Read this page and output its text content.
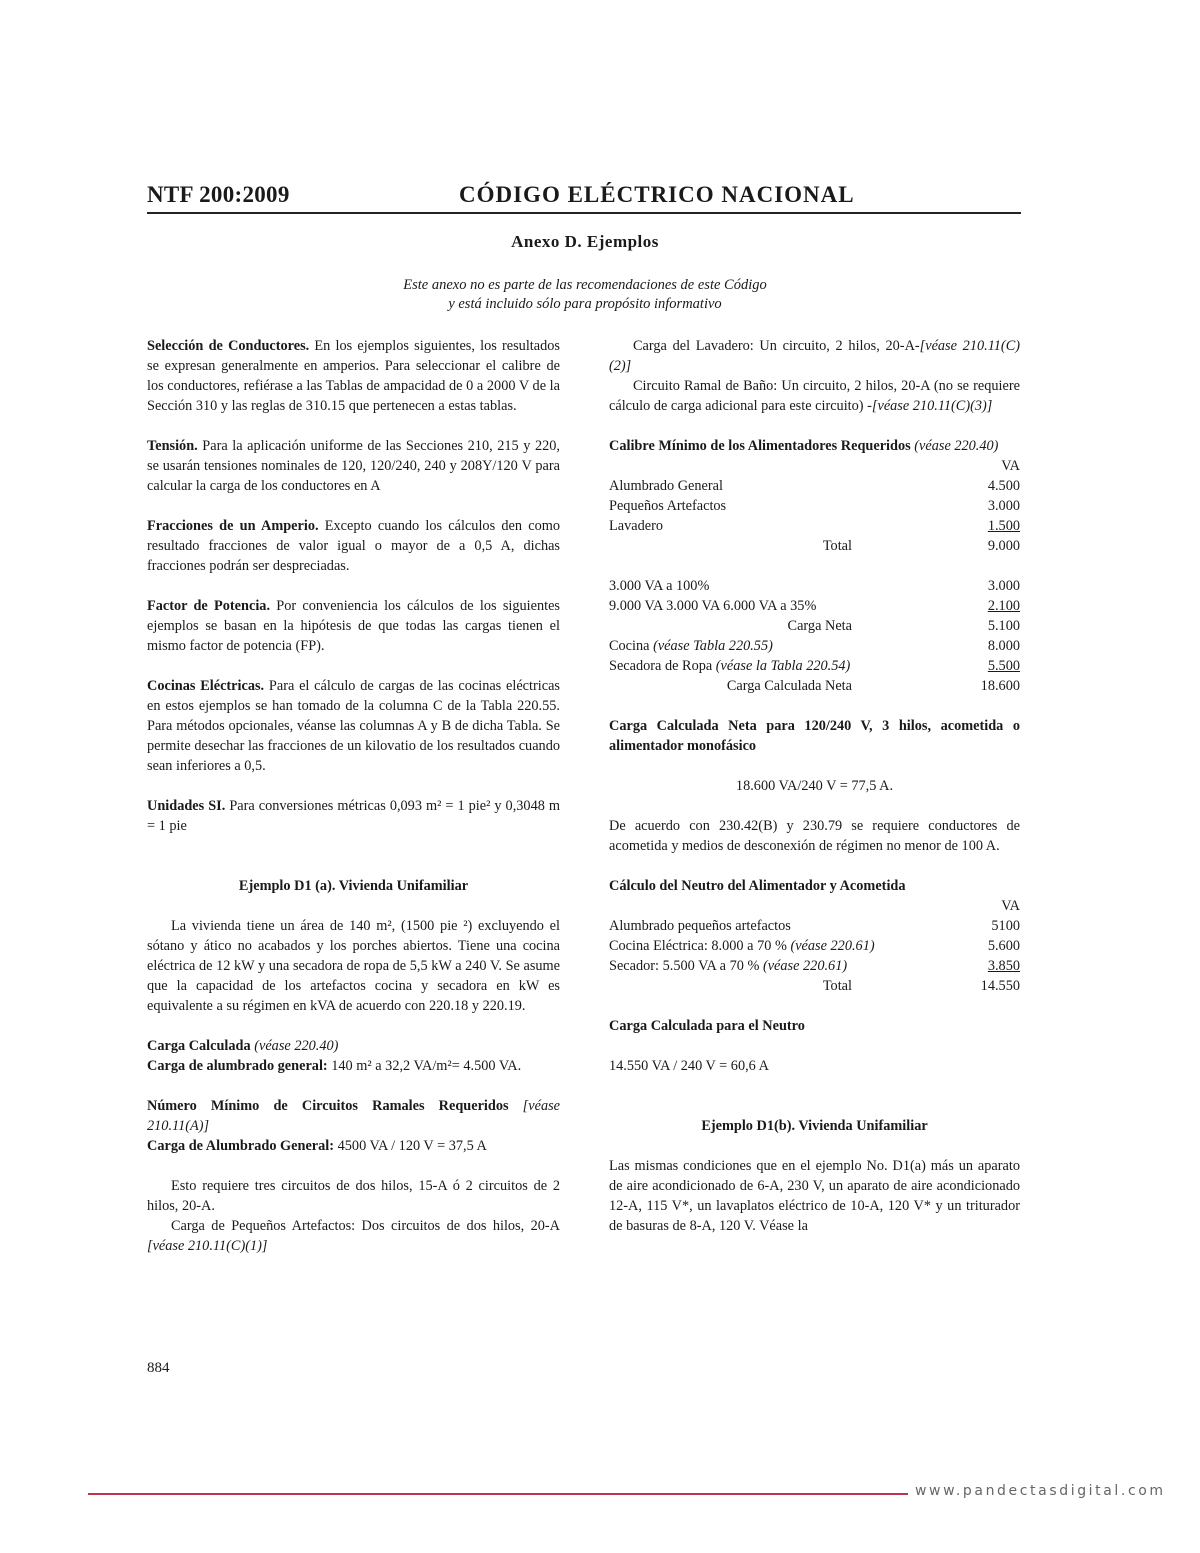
NTF 200:2009	CÓDIGO ELÉCTRICO NACIONAL
Anexo D. Ejemplos
Este anexo no es parte de las recomendaciones de este Código
y está incluido sólo para propósito informativo

Selección de Conductores. En los ejemplos siguientes, los resultados se expresan generalmente en amperios. Para seleccionar el calibre de los conductores, refiérase a las Tablas de ampacidad de 0 a 2000 V de la Sección 310 y las reglas de 310.15 que pertenecen a estas tablas.

Tensión. Para la aplicación uniforme de las Secciones 210, 215 y 220, se usarán tensiones nominales de 120, 120/240, 240 y 208Y/120 V para calcular la carga de los conductores en A

Fracciones de un Amperio. Excepto cuando los cálculos den como resultado fracciones de valor igual o mayor de a 0,5 A, dichas fracciones podrán ser despreciadas.

Factor de Potencia. Por conveniencia los cálculos de los siguientes ejemplos se basan en la hipótesis de que todas las cargas tienen el mismo factor de potencia (FP).

Cocinas Eléctricas. Para el cálculo de cargas de las cocinas eléctricas en estos ejemplos se han tomado de la columna C de la Tabla 220.55. Para métodos opcionales, véanse las columnas A y B de dicha Tabla. Se permite desechar las fracciones de un kilovatio de los resultados cuando sean inferiores a 0,5.

Unidades SI. Para conversiones métricas 0,093 m² = 1 pie² y 0,3048 m = 1 pie

Ejemplo D1 (a). Vivienda Unifamiliar

La vivienda tiene un área de 140 m², (1500 pie ²) excluyendo el sótano y ático no acabados y los porches abiertos. Tiene una cocina eléctrica de 12 kW y una secadora de ropa de 5,5 kW a 240 V. Se asume que la capacidad de los artefactos cocina y secadora en kW es equivalente a su régimen en kVA de acuerdo con 220.18 y 220.19.

Carga Calculada (véase 220.40)

Carga de alumbrado general: 140 m² a 32,2 VA/m²= 4.500 VA.

Número Mínimo de Circuitos Ramales Requeridos [véase 210.11(A)]

Carga de Alumbrado General: 4500 VA / 120 V = 37,5 A

Esto requiere tres circuitos de dos hilos, 15-A ó 2 circuitos de 2 hilos, 20-A.

Carga de Pequeños Artefactos: Dos circuitos de dos hilos, 20-A [véase 210.11(C)(1)]

Carga del Lavadero: Un circuito, 2 hilos, 20-A-[véase 210.11(C)(2)]

Circuito Ramal de Baño: Un circuito, 2 hilos, 20-A (no se requiere cálculo de carga adicional para este circuito) -[véase 210.11(C)(3)]

Calibre Mínimo de los Alimentadores Requeridos (véase 220.40)

	VA
Alumbrado General	4.500
Pequeños Artefactos	3.000
Lavadero	1.500
Total	9.000
3.000 VA a 100%	3.000
9.000 VA 3.000 VA 6.000 VA a 35%	2.100
Carga Neta	5.100
Cocina (véase Tabla 220.55)	8.000
Secadora de Ropa (véase la Tabla 220.54)	5.500
Carga Calculada Neta	18.600

Carga Calculada Neta para 120/240 V, 3 hilos, acometida o alimentador monofásico

18.600 VA/240 V = 77,5 A.

De acuerdo con 230.42(B) y 230.79 se requiere conductores de acometida y medios de desconexión de régimen no menor de 100 A.

Cálculo del Neutro del Alimentador y Acometida

	VA
Alumbrado pequeños artefactos	5100
Cocina Eléctrica: 8.000 a 70 % (véase 220.61)	5.600
Secador: 5.500 VA a 70 % (véase 220.61)	3.850
Total	14.550

Carga Calculada para el Neutro

14.550 VA / 240 V = 60,6 A

Ejemplo D1(b). Vivienda Unifamiliar

Las mismas condiciones que en el ejemplo No. D1(a) más un aparato de aire acondicionado de 6-A, 230 V, un aparato de aire acondicionado 12-A, 115 V*, un lavaplatos eléctrico de 10-A, 120 V* y un triturador de basuras de 8-A, 120 V. Véase la

884
www.pandectasdigital.com
